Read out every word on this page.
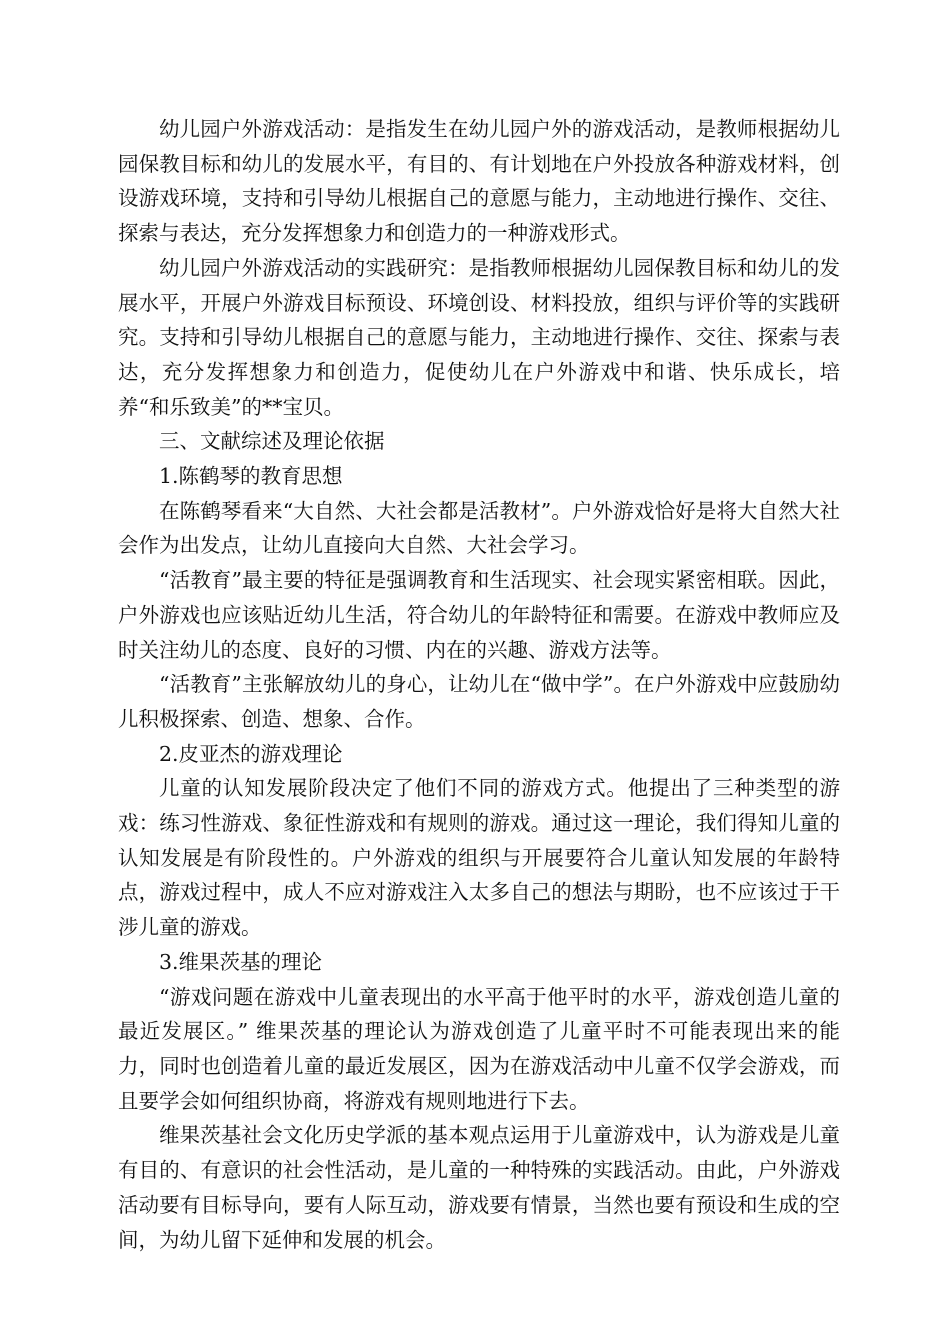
幼儿园户外游戏活动：是指发生在幼儿园户外的游戏活动，是教师根据幼儿园保教目标和幼儿的发展水平，有目的、有计划地在户外投放各种游戏材料，创设游戏环境，支持和引导幼儿根据自己的意愿与能力，主动地进行操作、交往、探索与表达，充分发挥想象力和创造力的一种游戏形式。

幼儿园户外游戏活动的实践研究：是指教师根据幼儿园保教目标和幼儿的发展水平，开展户外游戏目标预设、环境创设、材料投放，组织与评价等的实践研究。支持和引导幼儿根据自己的意愿与能力，主动地进行操作、交往、探索与表达，充分发挥想象力和创造力，促使幼儿在户外游戏中和谐、快乐成长，培养“和乐致美”的**宝贝。

三、文献综述及理论依据

1.陈鹤琴的教育思想

在陈鹤琴看来“大自然、大社会都是活教材”。户外游戏恰好是将大自然大社会作为出发点，让幼儿直接向大自然、大社会学习。

“活教育”最主要的特征是强调教育和生活现实、社会现实紧密相联。因此，户外游戏也应该贴近幼儿生活，符合幼儿的年龄特征和需要。在游戏中教师应及时关注幼儿的态度、良好的习惯、内在的兴趣、游戏方法等。

“活教育”主张解放幼儿的身心，让幼儿在“做中学”。在户外游戏中应鼓励幼儿积极探索、创造、想象、合作。

2.皮亚杰的游戏理论

儿童的认知发展阶段决定了他们不同的游戏方式。他提出了三种类型的游戏：练习性游戏、象征性游戏和有规则的游戏。通过这一理论，我们得知儿童的认知发展是有阶段性的。户外游戏的组织与开展要符合儿童认知发展的年龄特点，游戏过程中，成人不应对游戏注入太多自己的想法与期盼，也不应该过于干涉儿童的游戏。

3.维果茨基的理论

“游戏问题在游戏中儿童表现出的水平高于他平时的水平，游戏创造儿童的最近发展区。” 维果茨基的理论认为游戏创造了儿童平时不可能表现出来的能力，同时也创造着儿童的最近发展区，因为在游戏活动中儿童不仅学会游戏，而且要学会如何组织协商，将游戏有规则地进行下去。

维果茨基社会文化历史学派的基本观点运用于儿童游戏中，认为游戏是儿童有目的、有意识的社会性活动，是儿童的一种特殊的实践活动。由此，户外游戏活动要有目标导向，要有人际互动，游戏要有情景，当然也要有预设和生成的空间，为幼儿留下延伸和发展的机会。
